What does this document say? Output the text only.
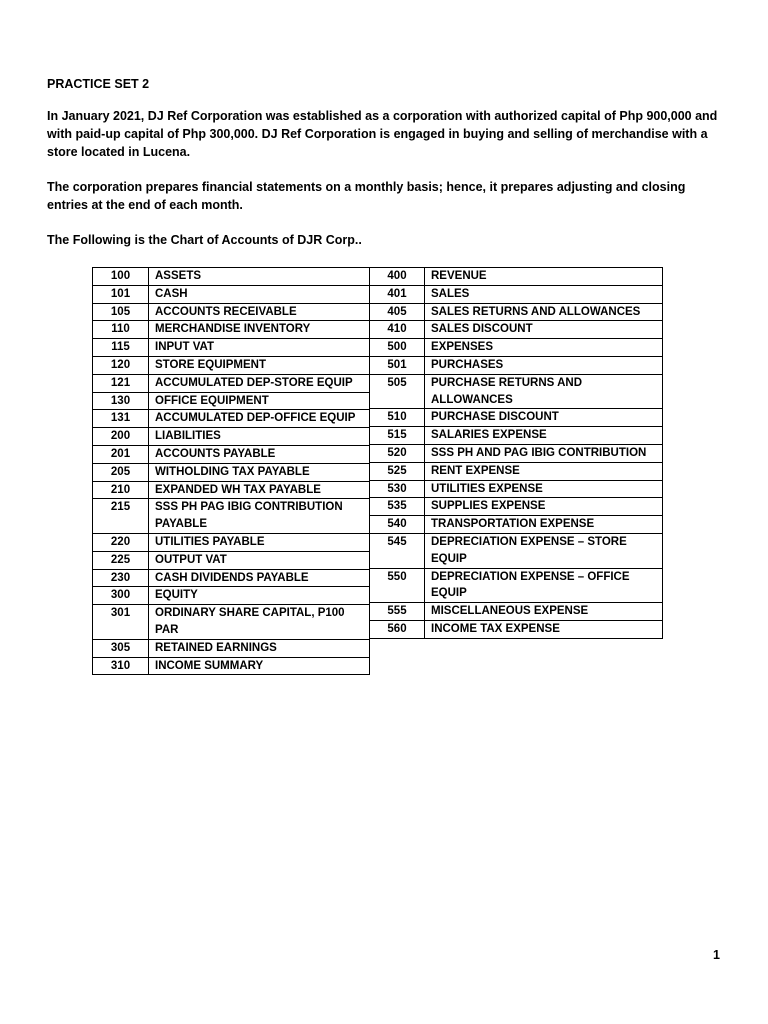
PRACTICE SET 2

In January 2021, DJ Ref Corporation was established as a corporation with authorized capital of Php 900,000 and with paid-up capital of Php 300,000. DJ Ref Corporation is engaged in buying and selling of merchandise with a store located in Lucena.

The corporation prepares financial statements on a monthly basis; hence, it prepares adjusting and closing entries at the end of each month.

The Following is the Chart of Accounts of DJR Corp..

100	ASSETS
101	CASH
105	ACCOUNTS RECEIVABLE
110	MERCHANDISE INVENTORY
115	INPUT VAT
120	STORE EQUIPMENT
121	ACCUMULATED DEP-STORE EQUIP
130	OFFICE EQUIPMENT
131	ACCUMULATED DEP-OFFICE EQUIP
200	LIABILITIES
201	ACCOUNTS PAYABLE
205	WITHOLDING TAX PAYABLE
210	EXPANDED WH TAX PAYABLE
215	SSS PH PAG IBIG CONTRIBUTION PAYABLE
220	UTILITIES PAYABLE
225	OUTPUT VAT
230	CASH DIVIDENDS PAYABLE
300	EQUITY
301	ORDINARY SHARE CAPITAL, P100 PAR
305	RETAINED EARNINGS
310	INCOME SUMMARY
400	REVENUE
401	SALES
405	SALES RETURNS AND ALLOWANCES
410	SALES DISCOUNT
500	EXPENSES
501	PURCHASES
505	PURCHASE RETURNS AND ALLOWANCES
510	PURCHASE DISCOUNT
515	SALARIES EXPENSE
520	SSS PH AND PAG IBIG CONTRIBUTION
525	RENT EXPENSE
530	UTILITIES EXPENSE
535	SUPPLIES EXPENSE
540	TRANSPORTATION EXPENSE
545	DEPRECIATION EXPENSE – STORE EQUIP
550	DEPRECIATION EXPENSE – OFFICE EQUIP
555	MISCELLANEOUS EXPENSE
560	INCOME TAX EXPENSE
1
